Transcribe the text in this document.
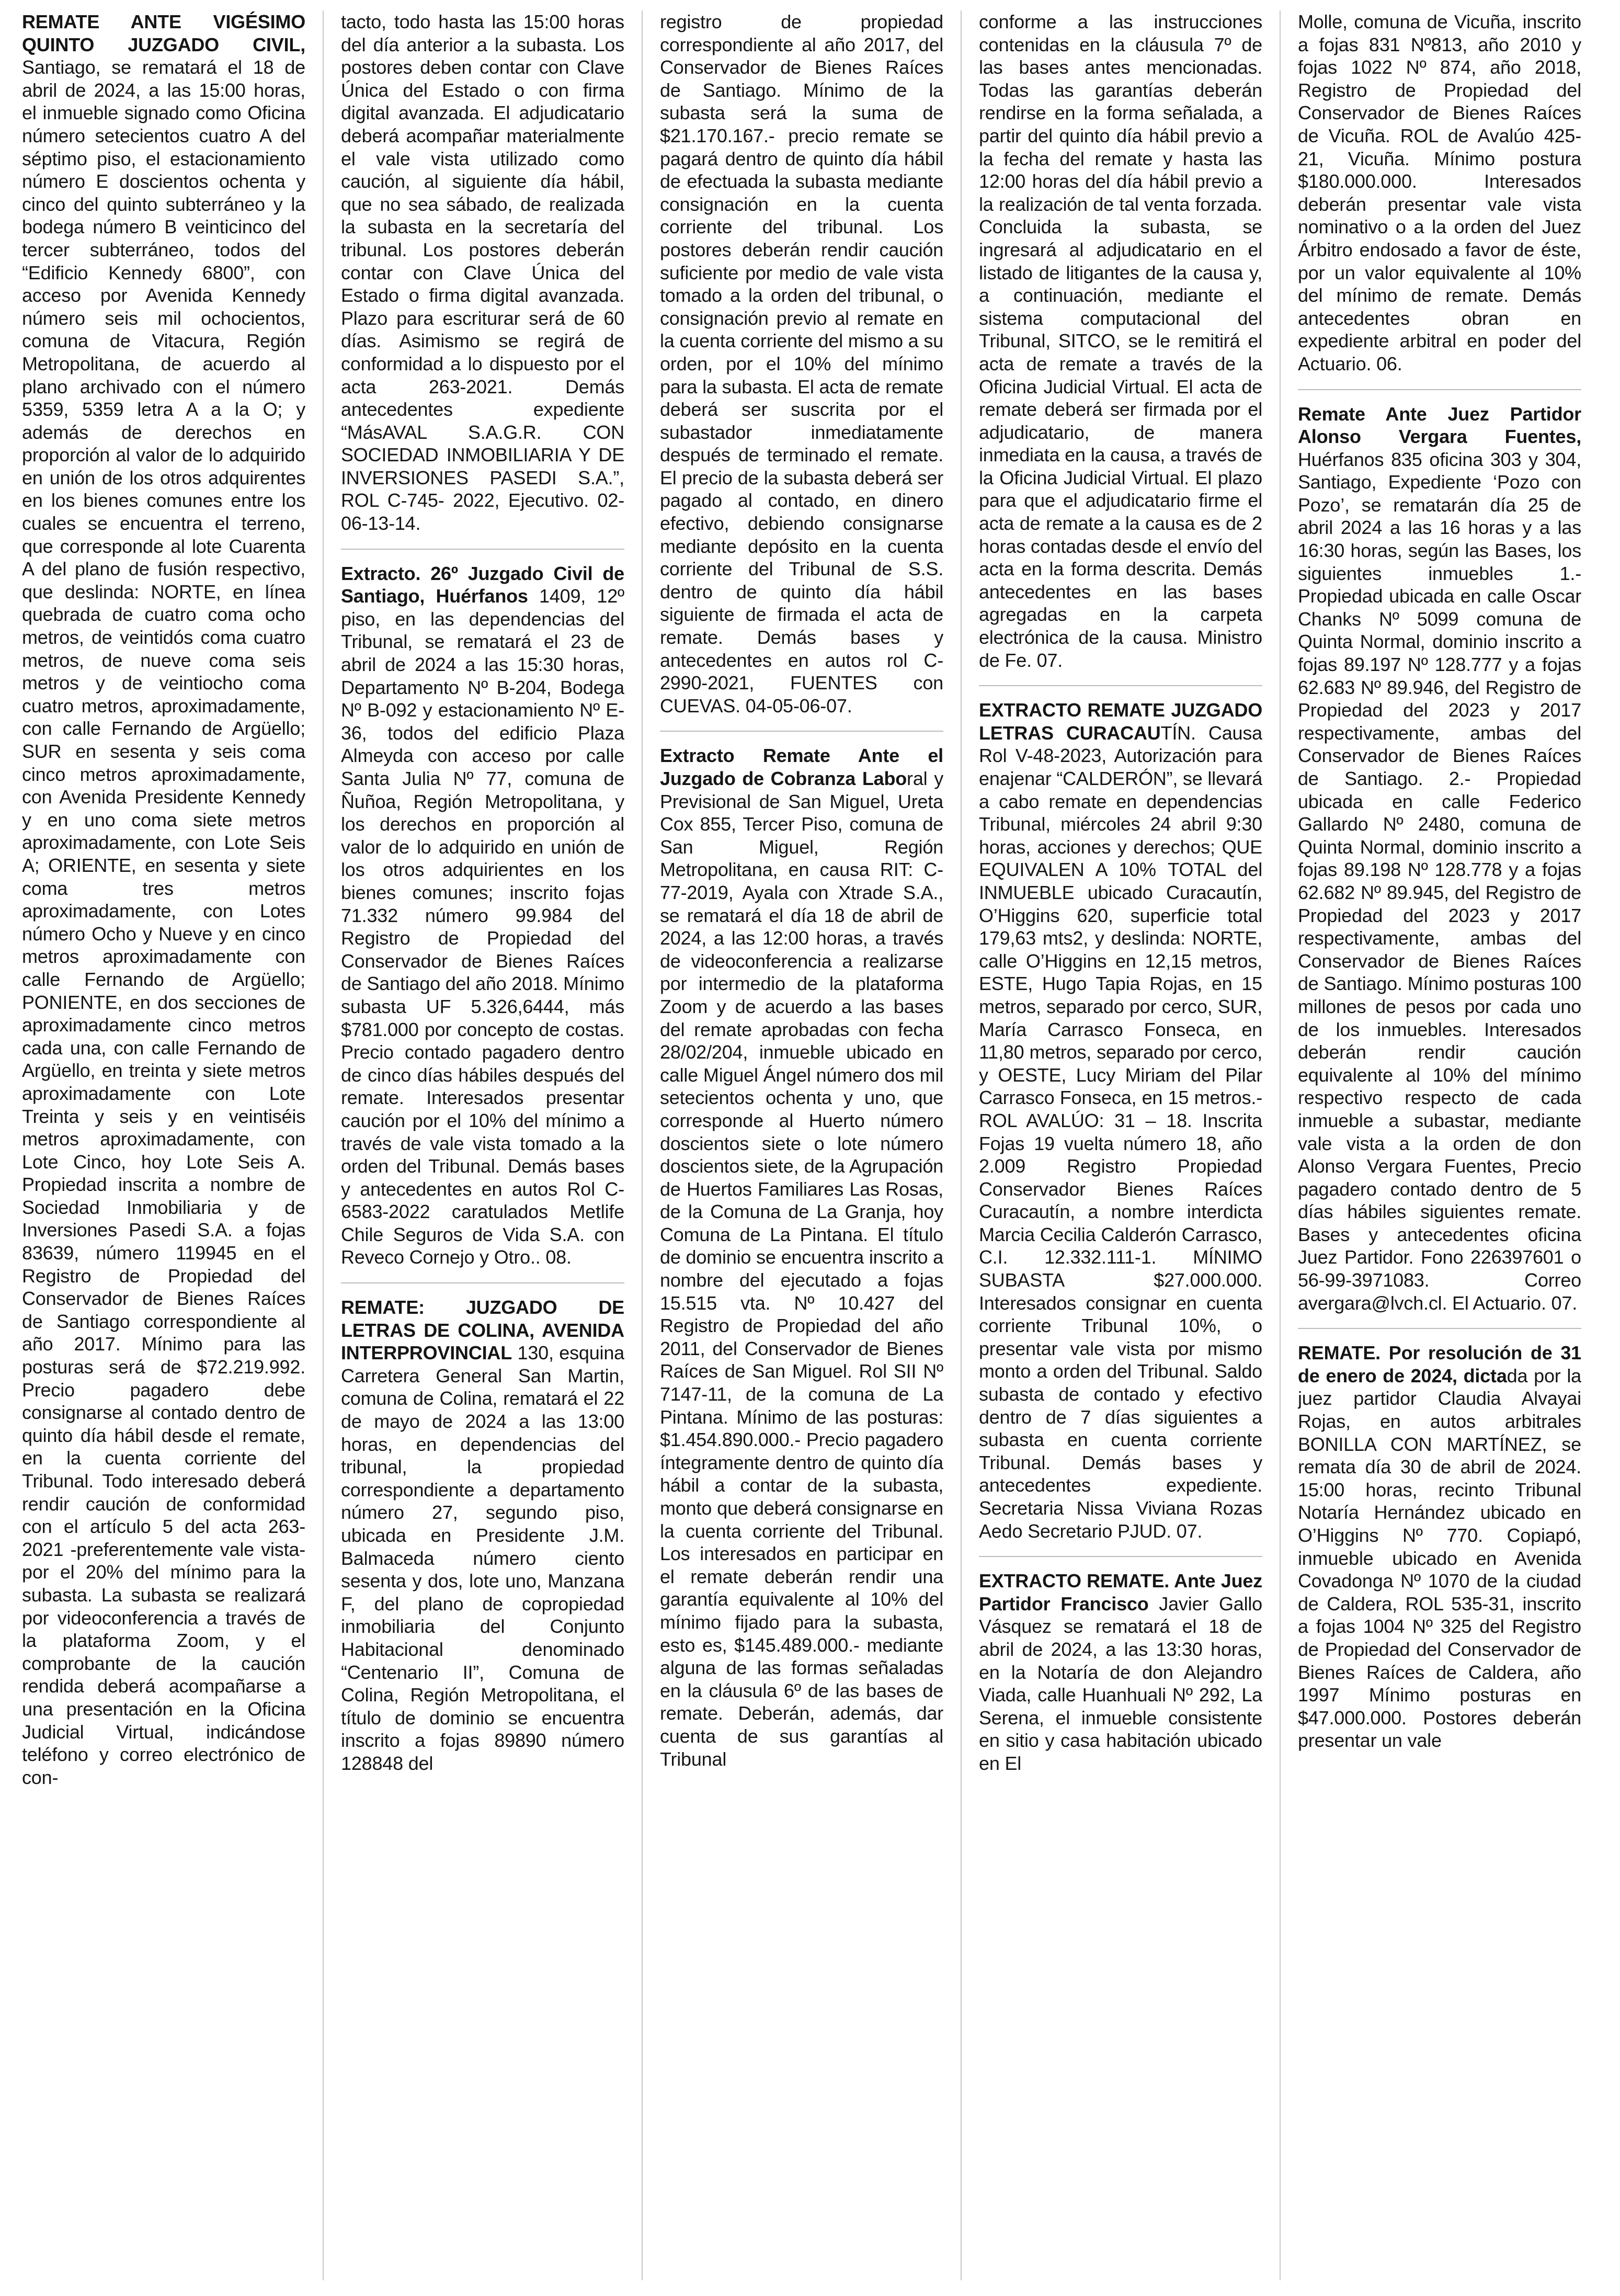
REMATE ANTE VIGÉSIMO QUINTO JUZGADO CIVIL, Santiago, se rematará el 18 de abril de 2024, a las 15:00 horas, el inmueble signado como Oficina número setecientos cuatro A del séptimo piso, el estacionamiento número E doscientos ochenta y cinco del quinto subterráneo y la bodega número B veinticinco del tercer subterráneo, todos del “Edificio Kennedy 6800”, con acceso por Avenida Kennedy número seis mil ochocientos, comuna de Vitacura, Región Metropolitana, de acuerdo al plano archivado con el número 5359, 5359 letra A a la O; y además de derechos en proporción al valor de lo adquirido en unión de los otros adquirentes en los bienes comunes entre los cuales se encuentra el terreno, que corresponde al lote Cuarenta A del plano de fusión respectivo, que deslinda: NORTE, en línea quebrada de cuatro coma ocho metros, de veintidós coma cuatro metros, de nueve coma seis metros y de veintiocho coma cuatro metros, aproximadamente, con calle Fernando de Argüello; SUR en sesenta y seis coma cinco metros aproximadamente, con Avenida Presidente Kennedy y en uno coma siete metros aproximadamente, con Lote Seis A; ORIENTE, en sesenta y siete coma tres metros aproximadamente, con Lotes número Ocho y Nueve y en cinco metros aproximadamente con calle Fernando de Argüello; PONIENTE, en dos secciones de aproximadamente cinco metros cada una, con calle Fernando de Argüello, en treinta y siete metros aproximadamente con Lote Treinta y seis y en veintiséis metros aproximadamente, con Lote Cinco, hoy Lote Seis A. Propiedad inscrita a nombre de Sociedad Inmobiliaria y de Inversiones Pasedi S.A. a fojas 83639, número 119945 en el Registro de Propiedad del Conservador de Bienes Raíces de Santiago correspondiente al año 2017. Mínimo para las posturas será de $72.219.992. Precio pagadero debe consignarse al contado dentro de quinto día hábil desde el remate, en la cuenta corriente del Tribunal. Todo interesado deberá rendir caución de conformidad con el artículo 5 del acta 263-2021 -preferentemente vale vista- por el 20% del mínimo para la subasta. La subasta se realizará por videoconferencia a través de la plataforma Zoom, y el comprobante de la caución rendida deberá acompañarse a una presentación en la Oficina Judicial Virtual, indicándose teléfono y correo electrónico de con-

tacto, todo hasta las 15:00 horas del día anterior a la subasta. Los postores deben contar con Clave Única del Estado o con firma digital avanzada. El adjudicatario deberá acompañar materialmente el vale vista utilizado como caución, al siguiente día hábil, que no sea sábado, de realizada la subasta en la secretaría del tribunal. Los postores deberán contar con Clave Única del Estado o firma digital avanzada. Plazo para escriturar será de 60 días. Asimismo se regirá de conformidad a lo dispuesto por el acta 263-2021. Demás antecedentes expediente “MásAVAL S.A.G.R. CON SOCIEDAD INMOBILIARIA Y DE INVERSIONES PASEDI S.A.”, ROL C-745- 2022, Ejecutivo. 02-06-13-14.

Extracto. 26º Juzgado Civil de Santiago, Huérfanos 1409, 12º piso, en las dependencias del Tribunal, se rematará el 23 de abril de 2024 a las 15:30 horas, Departamento Nº B-204, Bodega Nº B-092 y estacionamiento Nº E-36, todos del edificio Plaza Almeyda con acceso por calle Santa Julia Nº 77, comuna de Ñuñoa, Región Metropolitana, y los derechos en proporción al valor de lo adquirido en unión de los otros adquirientes en los bienes comunes; inscrito fojas 71.332 número 99.984 del Registro de Propiedad del Conservador de Bienes Raíces de Santiago del año 2018. Mínimo subasta UF 5.326,6444, más $781.000 por concepto de costas. Precio contado pagadero dentro de cinco días hábiles después del remate. Interesados presentar caución por el 10% del mínimo a través de vale vista tomado a la orden del Tribunal. Demás bases y antecedentes en autos Rol C-6583-2022 caratulados Metlife Chile Seguros de Vida S.A. con Reveco Cornejo y Otro.. 08.

REMATE: JUZGADO DE LETRAS DE COLINA, AVENIDA INTERPROVINCIAL 130, esquina Carretera General San Martin, comuna de Colina, rematará el 22 de mayo de 2024 a las 13:00 horas, en dependencias del tribunal, la propiedad correspondiente a departamento número 27, segundo piso, ubicada en Presidente J.M. Balmaceda número ciento sesenta y dos, lote uno, Manzana F, del plano de copropiedad inmobiliaria del Conjunto Habitacional denominado “Centenario II”, Comuna de Colina, Región Metropolitana, el título de dominio se encuentra inscrito a fojas 89890 número 128848 del

registro de propiedad correspondiente al año 2017, del Conservador de Bienes Raíces de Santiago. Mínimo de la subasta será la suma de $21.170.167.- precio remate se pagará dentro de quinto día hábil de efectuada la subasta mediante consignación en la cuenta corriente del tribunal. Los postores deberán rendir caución suficiente por medio de vale vista tomado a la orden del tribunal, o consignación previo al remate en la cuenta corriente del mismo a su orden, por el 10% del mínimo para la subasta. El acta de remate deberá ser suscrita por el subastador inmediatamente después de terminado el remate. El precio de la subasta deberá ser pagado al contado, en dinero efectivo, debiendo consignarse mediante depósito en la cuenta corriente del Tribunal de S.S. dentro de quinto día hábil siguiente de firmada el acta de remate. Demás bases y antecedentes en autos rol C-2990-2021, FUENTES con CUEVAS. 04-05-06-07.

Extracto Remate Ante el Juzgado de Cobranza Laboral y Previsional de San Miguel, Ureta Cox 855, Tercer Piso, comuna de San Miguel, Región Metropolitana, en causa RIT: C-77-2019, Ayala con Xtrade S.A., se rematará el día 18 de abril de 2024, a las 12:00 horas, a través de videoconferencia a realizarse por intermedio de la plataforma Zoom y de acuerdo a las bases del remate aprobadas con fecha 28/02/204, inmueble ubicado en calle Miguel Ángel número dos mil setecientos ochenta y uno, que corresponde al Huerto número doscientos siete o lote número doscientos siete, de la Agrupación de Huertos Familiares Las Rosas, de la Comuna de La Granja, hoy Comuna de La Pintana. El título de dominio se encuentra inscrito a nombre del ejecutado a fojas 15.515 vta. Nº 10.427 del Registro de Propiedad del año 2011, del Conservador de Bienes Raíces de San Miguel. Rol SII Nº 7147-11, de la comuna de La Pintana. Mínimo de las posturas: $1.454.890.000.- Precio pagadero íntegramente dentro de quinto día hábil a contar de la subasta, monto que deberá consignarse en la cuenta corriente del Tribunal. Los interesados en participar en el remate deberán rendir una garantía equivalente al 10% del mínimo fijado para la subasta, esto es, $145.489.000.- mediante alguna de las formas señaladas en la cláusula 6º de las bases de remate. Deberán, además, dar cuenta de sus garantías al Tribunal

conforme a las instrucciones contenidas en la cláusula 7º de las bases antes mencionadas. Todas las garantías deberán rendirse en la forma señalada, a partir del quinto día hábil previo a la fecha del remate y hasta las 12:00 horas del día hábil previo a la realización de tal venta forzada. Concluida la subasta, se ingresará al adjudicatario en el listado de litigantes de la causa y, a continuación, mediante el sistema computacional del Tribunal, SITCO, se le remitirá el acta de remate a través de la Oficina Judicial Virtual. El acta de remate deberá ser firmada por el adjudicatario, de manera inmediata en la causa, a través de la Oficina Judicial Virtual. El plazo para que el adjudicatario firme el acta de remate a la causa es de 2 horas contadas desde el envío del acta en la forma descrita. Demás antecedentes en las bases agregadas en la carpeta electrónica de la causa. Ministro de Fe. 07.

EXTRACTO REMATE JUZGADO LETRAS CURACAUTÍN. Causa Rol V-48-2023, Autorización para enajenar “CALDERÓN”, se llevará a cabo remate en dependencias Tribunal, miércoles 24 abril 9:30 horas, acciones y derechos; QUE EQUIVALEN A 10% TOTAL del INMUEBLE ubicado Curacautín, O’Higgins 620, superficie total 179,63 mts2, y deslinda: NORTE, calle O’Higgins en 12,15 metros, ESTE, Hugo Tapia Rojas, en 15 metros, separado por cerco, SUR, María Carrasco Fonseca, en 11,80 metros, separado por cerco, y OESTE, Lucy Miriam del Pilar Carrasco Fonseca, en 15 metros.- ROL AVALÚO: 31 – 18. Inscrita Fojas 19 vuelta número 18, año 2.009 Registro Propiedad Conservador Bienes Raíces Curacautín, a nombre interdicta Marcia Cecilia Calderón Carrasco, C.I. 12.332.111-1. MÍNIMO SUBASTA $27.000.000. Interesados consignar en cuenta corriente Tribunal 10%, o presentar vale vista por mismo monto a orden del Tribunal. Saldo subasta de contado y efectivo dentro de 7 días siguientes a subasta en cuenta corriente Tribunal. Demás bases y antecedentes expediente. Secretaria Nissa Viviana Rozas Aedo Secretario PJUD. 07.

EXTRACTO REMATE. Ante Juez Partidor Francisco Javier Gallo Vásquez se rematará el 18 de abril de 2024, a las 13:30 horas, en la Notaría de don Alejandro Viada, calle Huanhuali Nº 292, La Serena, el inmueble consistente en sitio y casa habitación ubicado en El

Molle, comuna de Vicuña, inscrito a fojas 831 Nº813, año 2010 y fojas 1022 Nº 874, año 2018, Registro de Propiedad del Conservador de Bienes Raíces de Vicuña. ROL de Avalúo 425-21, Vicuña. Mínimo postura $180.000.000. Interesados deberán presentar vale vista nominativo o a la orden del Juez Árbitro endosado a favor de éste, por un valor equivalente al 10% del mínimo de remate. Demás antecedentes obran en expediente arbitral en poder del Actuario. 06.

Remate Ante Juez Partidor Alonso Vergara Fuentes, Huérfanos 835 oficina 303 y 304, Santiago, Expediente ‘Pozo con Pozo’, se rematarán día 25 de abril 2024 a las 16 horas y a las 16:30 horas, según las Bases, los siguientes inmuebles 1.- Propiedad ubicada en calle Oscar Chanks Nº 5099 comuna de Quinta Normal, dominio inscrito a fojas 89.197 Nº 128.777 y a fojas 62.683 Nº 89.946, del Registro de Propiedad del 2023 y 2017 respectivamente, ambas del Conservador de Bienes Raíces de Santiago. 2.- Propiedad ubicada en calle Federico Gallardo Nº 2480, comuna de Quinta Normal, dominio inscrito a fojas 89.198 Nº 128.778 y a fojas 62.682 Nº 89.945, del Registro de Propiedad del 2023 y 2017 respectivamente, ambas del Conservador de Bienes Raíces de Santiago. Mínimo posturas 100 millones de pesos por cada uno de los inmuebles. Interesados deberán rendir caución equivalente al 10% del mínimo respectivo respecto de cada inmueble a subastar, mediante vale vista a la orden de don Alonso Vergara Fuentes, Precio pagadero contado dentro de 5 días hábiles siguientes remate. Bases y antecedentes oficina Juez Partidor. Fono 226397601 o 56-99-3971083. Correo avergara@lvch.cl. El Actuario. 07.

REMATE. Por resolución de 31 de enero de 2024, dictada por la juez partidor Claudia Alvayai Rojas, en autos arbitrales BONILLA CON MARTÍNEZ, se remata día 30 de abril de 2024. 15:00 horas, recinto Tribunal Notaría Hernández ubicado en O’Higgins Nº 770. Copiapó, inmueble ubicado en Avenida Covadonga Nº 1070 de la ciudad de Caldera, ROL 535-31, inscrito a fojas 1004 Nº 325 del Registro de Propiedad del Conservador de Bienes Raíces de Caldera, año 1997 Mínimo posturas en $47.000.000. Postores deberán presentar un vale
